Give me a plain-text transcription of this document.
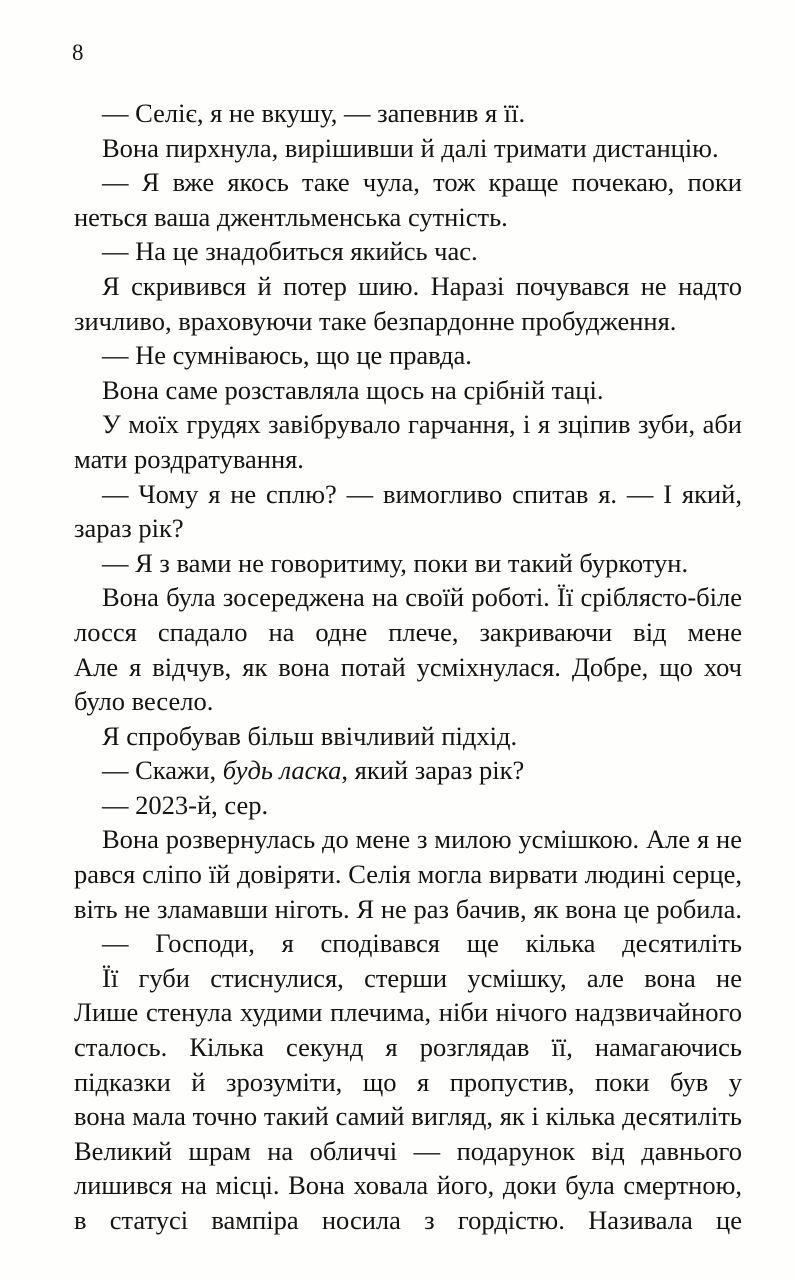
8
— Селіє, я не вкушу, — запевнив я її.
Вона пирхнула, вирішивши й далі тримати дистанцію.
— Я вже якось таке чула, тож краще почекаю, поки
неться ваша джентльменська сутність.
— На це знадобиться якийсь час.
Я скривився й потер шию. Наразі почувався не надто
зичливо, враховуючи таке безпардонне пробудження.
— Не сумніваюсь, що це правда.
Вона саме розставляла щось на срібній таці.
У моїх грудях завібрувало гарчання, і я зціпив зуби, аби
мати роздратування.
— Чому я не сплю? — вимогливо спитав я. — І який,
зараз рік?
— Я з вами не говоритиму, поки ви такий буркотун.
Вона була зосереджена на своїй роботі. Її сріблясто-біле
лосся спадало на одне плече, закриваючи від мене
Але я відчув, як вона потай усміхнулася. Добре, що хоч
було весело.
Я спробував більш ввічливий підхід.
— Скажи, будь ласка, який зараз рік?
— 2023-й, сер.
Вона розвернулась до мене з милою усмішкою. Але я не
рався сліпо їй довіряти. Селія могла вирвати людині серце,
віть не зламавши ніготь. Я не раз бачив, як вона це робила.
— Господи, я сподівався ще кілька десятиліть
Її губи стиснулися, стерши усмішку, але вона не
Лише стенула худими плечима, ніби нічого надзвичайного
сталось. Кілька секунд я розглядав її, намагаючись
підказки й зрозуміти, що я пропустив, поки був у
вона мала точно такий самий вигляд, як і кілька десятиліть
Великий шрам на обличчі — подарунок від давнього
лишився на місці. Вона ховала його, доки була смертною,
в статусі вампіра носила з гордістю. Називала це
